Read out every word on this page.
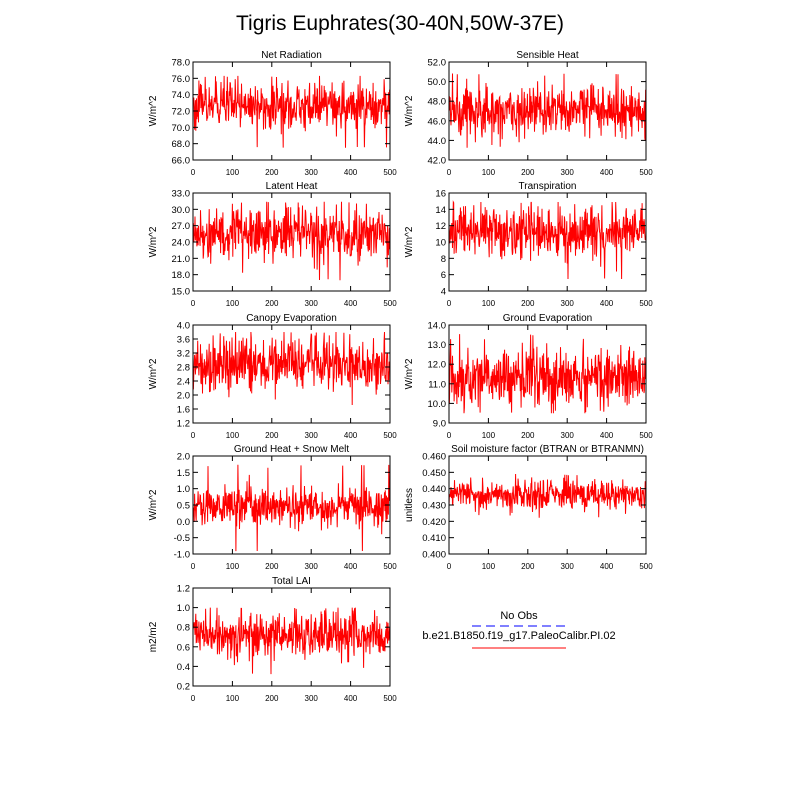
Tigris Euphrates(30-40N,50W-37E)
0	100	200	300	400	500
66.0
68.0
70.0
72.0
74.0
76.0
78.0
Net Radiation
W/m^2
0	100	200	300	400	500
42.0
44.0
46.0
48.0
50.0
52.0
Sensible Heat
W/m^2
0	100	200	300	400	500
15.0
18.0
21.0
24.0
27.0
30.0
33.0
Latent Heat
W/m^2
0	100	200	300	400	500
4
6
8
10
12
14
16
Transpiration
W/m^2
0	100	200	300	400	500
1.2
1.6
2.0
2.4
2.8
3.2
3.6
4.0
Canopy Evaporation
W/m^2
0	100	200	300	400	500
9.0
10.0
11.0
12.0
13.0
14.0
Ground Evaporation
W/m^2
0	100	200	300	400	500
-1.0
-0.5
0.0
0.5
1.0
1.5
2.0
Ground Heat + Snow Melt
W/m^2
0	100	200	300	400	500
0.400
0.410
0.420
0.430
0.440
0.450
0.460
Soil moisture factor (BTRAN or BTRANMN)
unitless
0	100	200	300	400	500
0.2
0.4
0.6
0.8
1.0
1.2
Total LAI
m2/m2
No Obs
b.e21.B1850.f19_g17.PaleoCalibr.PI.02
